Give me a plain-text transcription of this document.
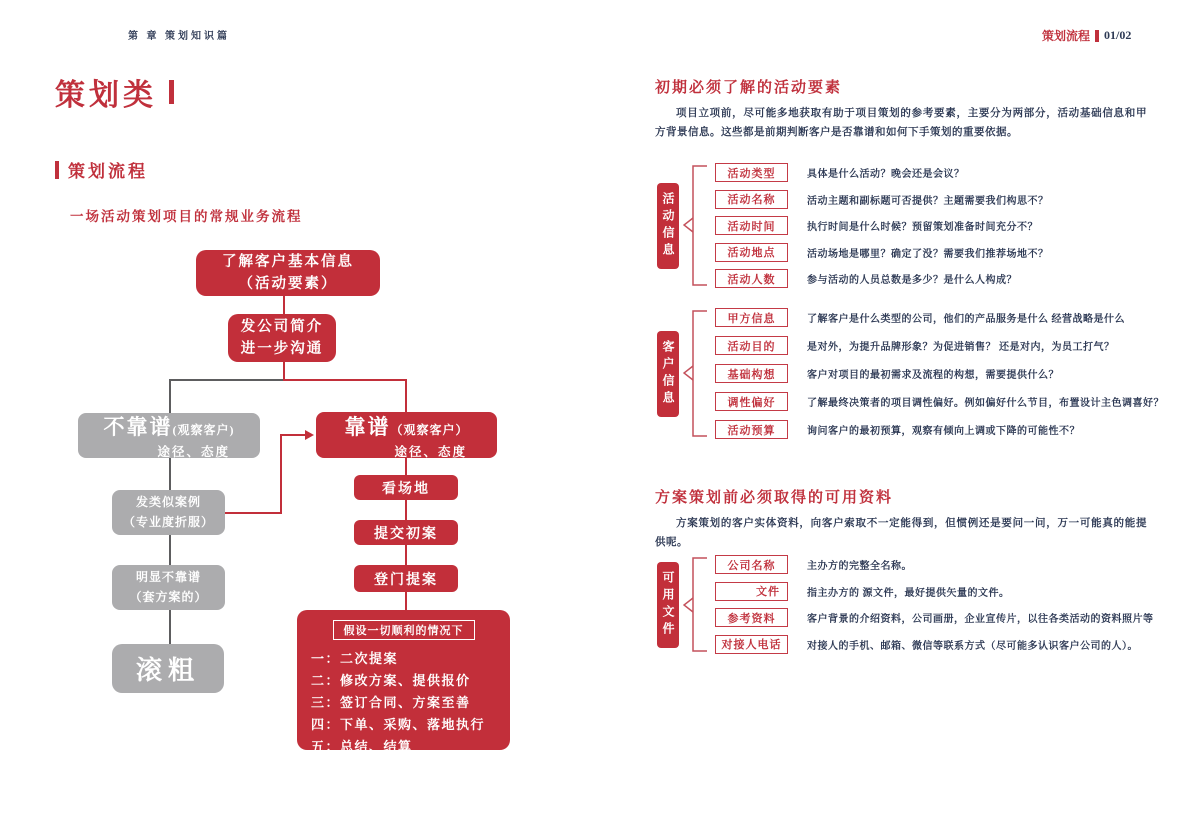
第 章 策划知识篇
策划类
策划流程
一场活动策划项目的常规业务流程
了解客户基本信息
（活动要素）
发公司简介
进一步沟通
不靠谱 (观察客户)
途径、态度
靠谱 （观察客户）
途径、态度
发类似案例
（专业度折服）
明显不靠谱
（套方案的）
滚粗
看场地
提交初案
登门提案
假设一切顺利的情况下
一：二次提案
二：修改方案、提供报价
三：签订合同、方案至善
四：下单、采购、落地执行
五：总结、结算
策划流程 01/02
初期必须了解的活动要素
项目立项前，尽可能多地获取有助于项目策划的参考要素，主要分为两部分，活动基础信息和甲方背景信息。这些都是前期判断客户是否靠谱和如何下手策划的重要依据。
活动信息
活动类型	具体是什么活动？晚会还是会议？
活动名称	活动主题和副标题可否提供？主题需要我们构思不？
活动时间	执行时间是什么时候？预留策划准备时间充分不？
活动地点	活动场地是哪里？确定了没？需要我们推荐场地不？
活动人数	参与活动的人员总数是多少？是什么人构成？
客户信息
甲方信息	了解客户是什么类型的公司，他们的产品服务是什么 经营战略是什么
活动目的	是对外，为提升品牌形象？为促进销售？ 还是对内，为员工打气？
基础构想	客户对项目的最初需求及流程的构想，需要提供什么？
调性偏好	了解最终决策者的项目调性偏好。例如偏好什么节目，布置设计主色调喜好？
活动预算	询问客户的最初预算，观察有倾向上调或下降的可能性不？
方案策划前必须取得的可用资料
方案策划的客户实体资料，向客户索取不一定能得到，但惯例还是要问一问，万一可能真的能提供呢。
可用文件
公司名称	主办方的完整全名称。
文件	指主办方的 源文件，最好提供矢量的文件。
参考资料	客户背景的介绍资料，公司画册，企业宣传片，以往各类活动的资料照片等
对接人电话	对接人的手机、邮箱、微信等联系方式（尽可能多认识客户公司的人）。
